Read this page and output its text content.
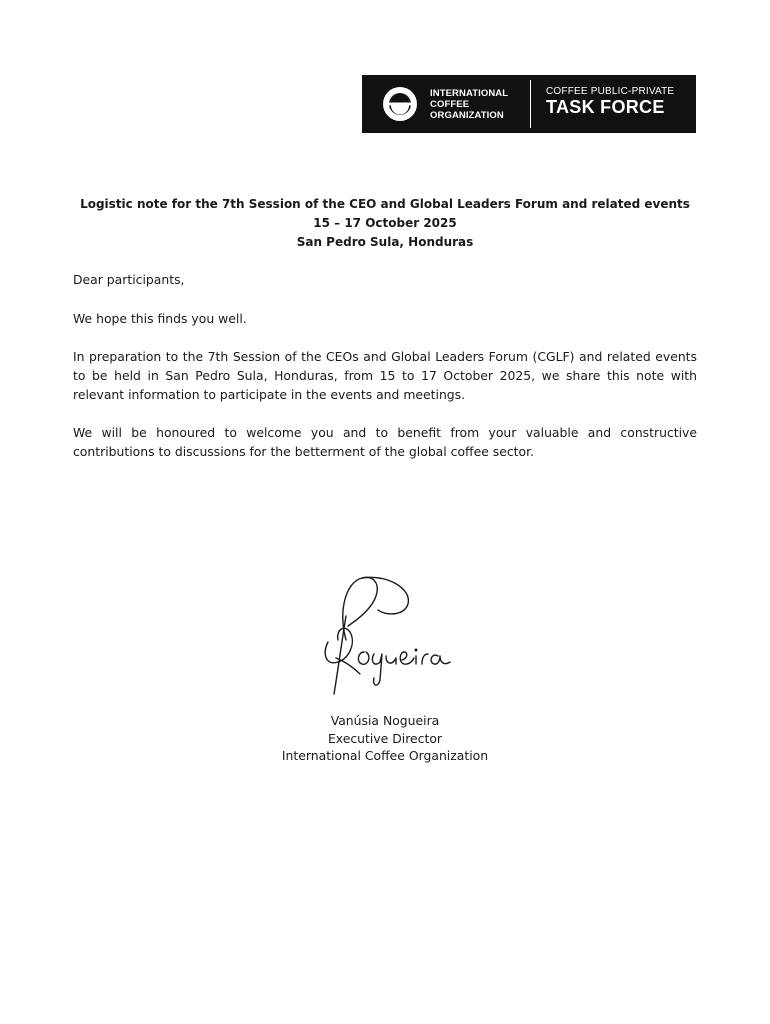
INTERNATIONAL
COFFEE
ORGANIZATION
COFFEE PUBLIC-PRIVATE
TASK FORCE
Logistic note for the 7th Session of the CEO and Global Leaders Forum and related events
15 – 17 October 2025
San Pedro Sula, Honduras
Dear participants,
We hope this finds you well.
In preparation to the 7th Session of the CEOs and Global Leaders Forum (CGLF) and related events to be held in San Pedro Sula, Honduras, from 15 to 17 October 2025, we share this note with relevant information to participate in the events and meetings.
We will be honoured to welcome you and to benefit from your valuable and constructive contributions to discussions for the betterment of the global coffee sector.
Vanúsia Nogueira
Executive Director
International Coffee Organization
